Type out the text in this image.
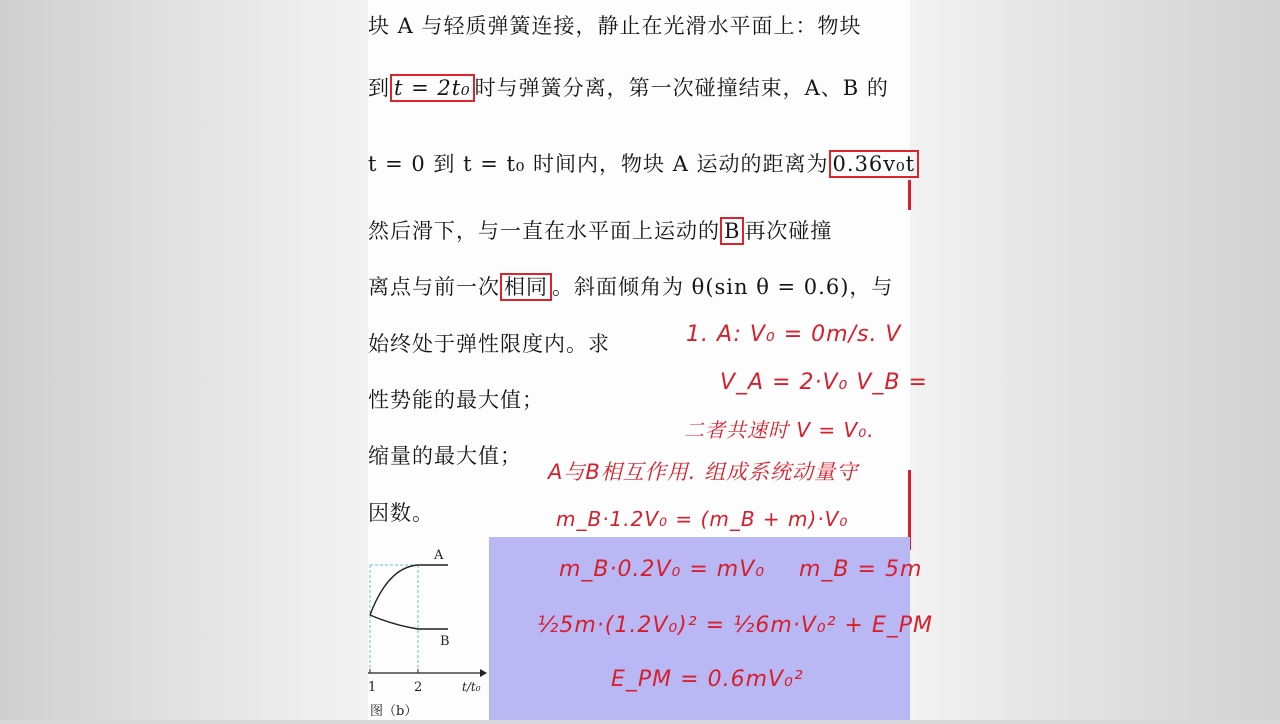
块 A 与轻质弹簧连接，静止在光滑水平面上：物块
到 t = 2t₀ 时与弹簧分离，第一次碰撞结束，A、B 的
t = 0 到 t = t₀ 时间内，物块 A 运动的距离为 0.36v₀t
然后滑下，与一直在水平面上运动的 B 再次碰撞
离点与前一次 相同 。斜面倾角为 θ(sin θ = 0.6)，与
始终处于弹性限度内。求
性势能的最大值；
缩量的最大值；
因数。
1. A: V₀ = 0m/s. V
V_A = 2·V₀ V_B =
二者共速时 V = V₀.
A与B相互作用. 组成系统动量守
m_B·1.2V₀ = (m_B + m)·V₀
A
B
1	2	t/t₀
图（b）
m_B·0.2V₀ = mV₀ m_B = 5m
½5m·(1.2V₀)² = ½6m·V₀² + E_PM
E_PM = 0.6mV₀²
